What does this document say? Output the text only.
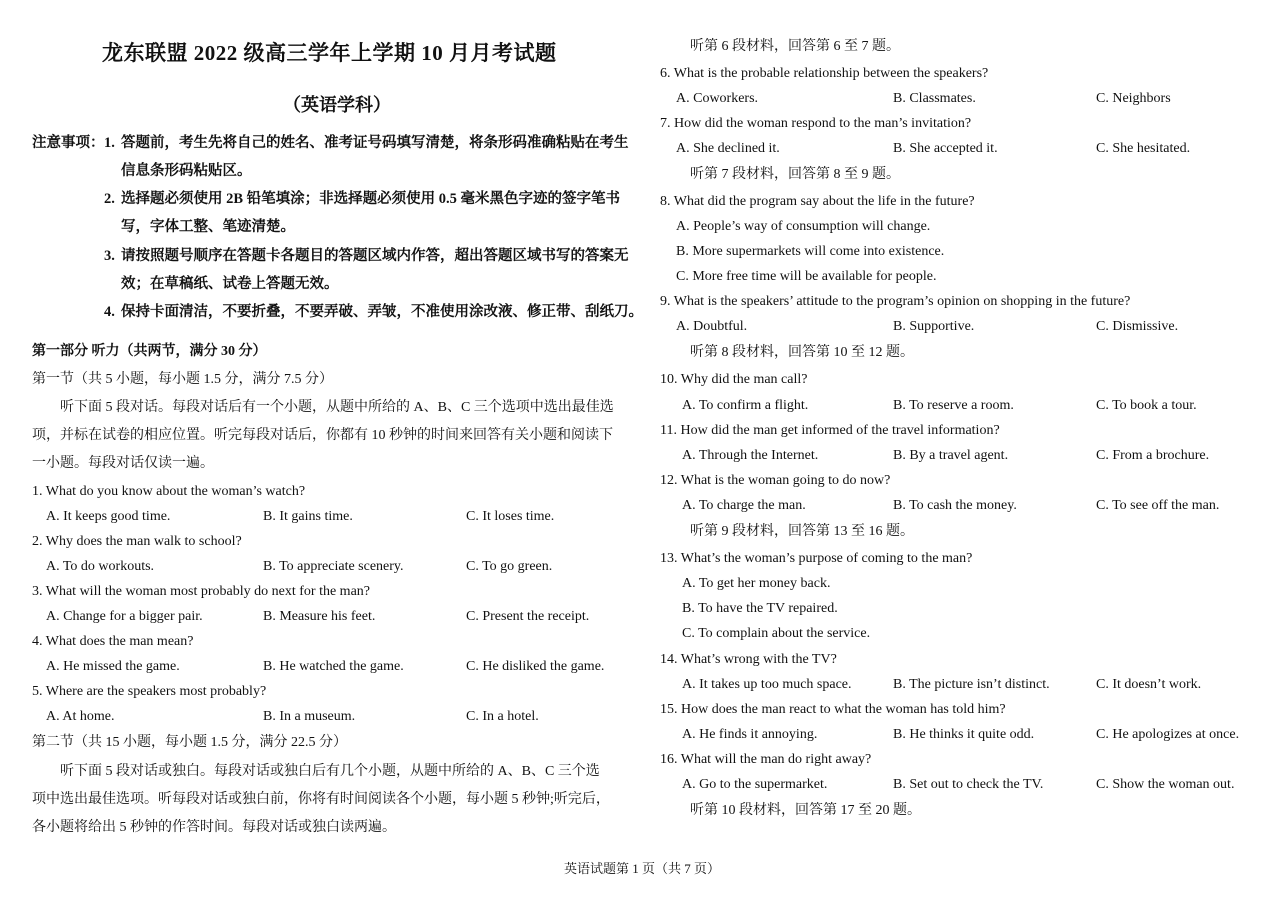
龙东联盟 2022 级高三学年上学期 10 月月考试题
（英语学科）
注意事项： 1. 答题前，考生先将自己的姓名、准考证号码填写清楚，将条形码准确粘贴在考生
信息条形码粘贴区。
2. 选择题必须使用 2B 铅笔填涂；非选择题必须使用 0.5 毫米黑色字迹的签字笔书
写，字体工整、笔迹清楚。
3. 请按照题号顺序在答题卡各题目的答题区域内作答，超出答题区域书写的答案无
效；在草稿纸、试卷上答题无效。
4. 保持卡面清洁，不要折叠，不要弄破、弄皱，不准使用涂改液、修正带、刮纸刀。
第一部分 听力（共两节，满分 30 分）
第一节（共 5 小题，每小题 1.5 分，满分 7.5 分）
听下面 5 段对话。每段对话后有一个小题，从题中所给的 A、B、C 三个选项中选出最佳选
项，并标在试卷的相应位置。听完每段对话后，你都有 10 秒钟的时间来回答有关小题和阅读下
一小题。每段对话仅读一遍。
1. What do you know about the woman’s watch?
A. It keeps good time.	B. It gains time.	C. It loses time.
2. Why does the man walk to school?
A. To do workouts.	B. To appreciate scenery.	C. To go green.
3. What will the woman most probably do next for the man?
A. Change for a bigger pair.	B. Measure his feet.	C. Present the receipt.
4. What does the man mean?
A. He missed the game.	B. He watched the game.	C. He disliked the game.
5. Where are the speakers most probably?
A. At home.	B. In a museum.	C. In a hotel.
第二节（共 15 小题，每小题 1.5 分，满分 22.5 分）
听下面 5 段对话或独白。每段对话或独白后有几个小题，从题中所给的 A、B、C 三个选
项中选出最佳选项。听每段对话或独白前，你将有时间阅读各个小题，每小题 5 秒钟;听完后，
各小题将给出 5 秒钟的作答时间。每段对话或独白读两遍。
听第 6 段材料，回答第 6 至 7 题。
6. What is the probable relationship between the speakers?
A. Coworkers.	B. Classmates.	C. Neighbors
7. How did the woman respond to the man’s invitation?
A. She declined it.	B. She accepted it.	C. She hesitated.
听第 7 段材料，回答第 8 至 9 题。
8. What did the program say about the life in the future?
A. People’s way of consumption will change.
B. More supermarkets will come into existence.
C. More free time will be available for people.
9. What is the speakers’ attitude to the program’s opinion on shopping in the future?
A. Doubtful.	B. Supportive.	C. Dismissive.
听第 8 段材料，回答第 10 至 12 题。
10. Why did the man call?
A. To confirm a flight.	B. To reserve a room.	C. To book a tour.
11. How did the man get informed of the travel information?
A. Through the Internet.	B. By a travel agent.	C. From a brochure.
12. What is the woman going to do now?
A. To charge the man.	B. To cash the money.	C. To see off the man.
听第 9 段材料，回答第 13 至 16 题。
13. What’s the woman’s purpose of coming to the man?
A. To get her money back.
B. To have the TV repaired.
C. To complain about the service.
14. What’s wrong with the TV?
A. It takes up too much space.	B. The picture isn’t distinct.	C. It doesn’t work.
15. How does the man react to what the woman has told him?
A. He finds it annoying.	B. He thinks it quite odd.	C. He apologizes at once.
16. What will the man do right away?
A. Go to the supermarket.	B. Set out to check the TV.	C. Show the woman out.
听第 10 段材料，回答第 17 至 20 题。
英语试题第 1 页（共 7 页）
